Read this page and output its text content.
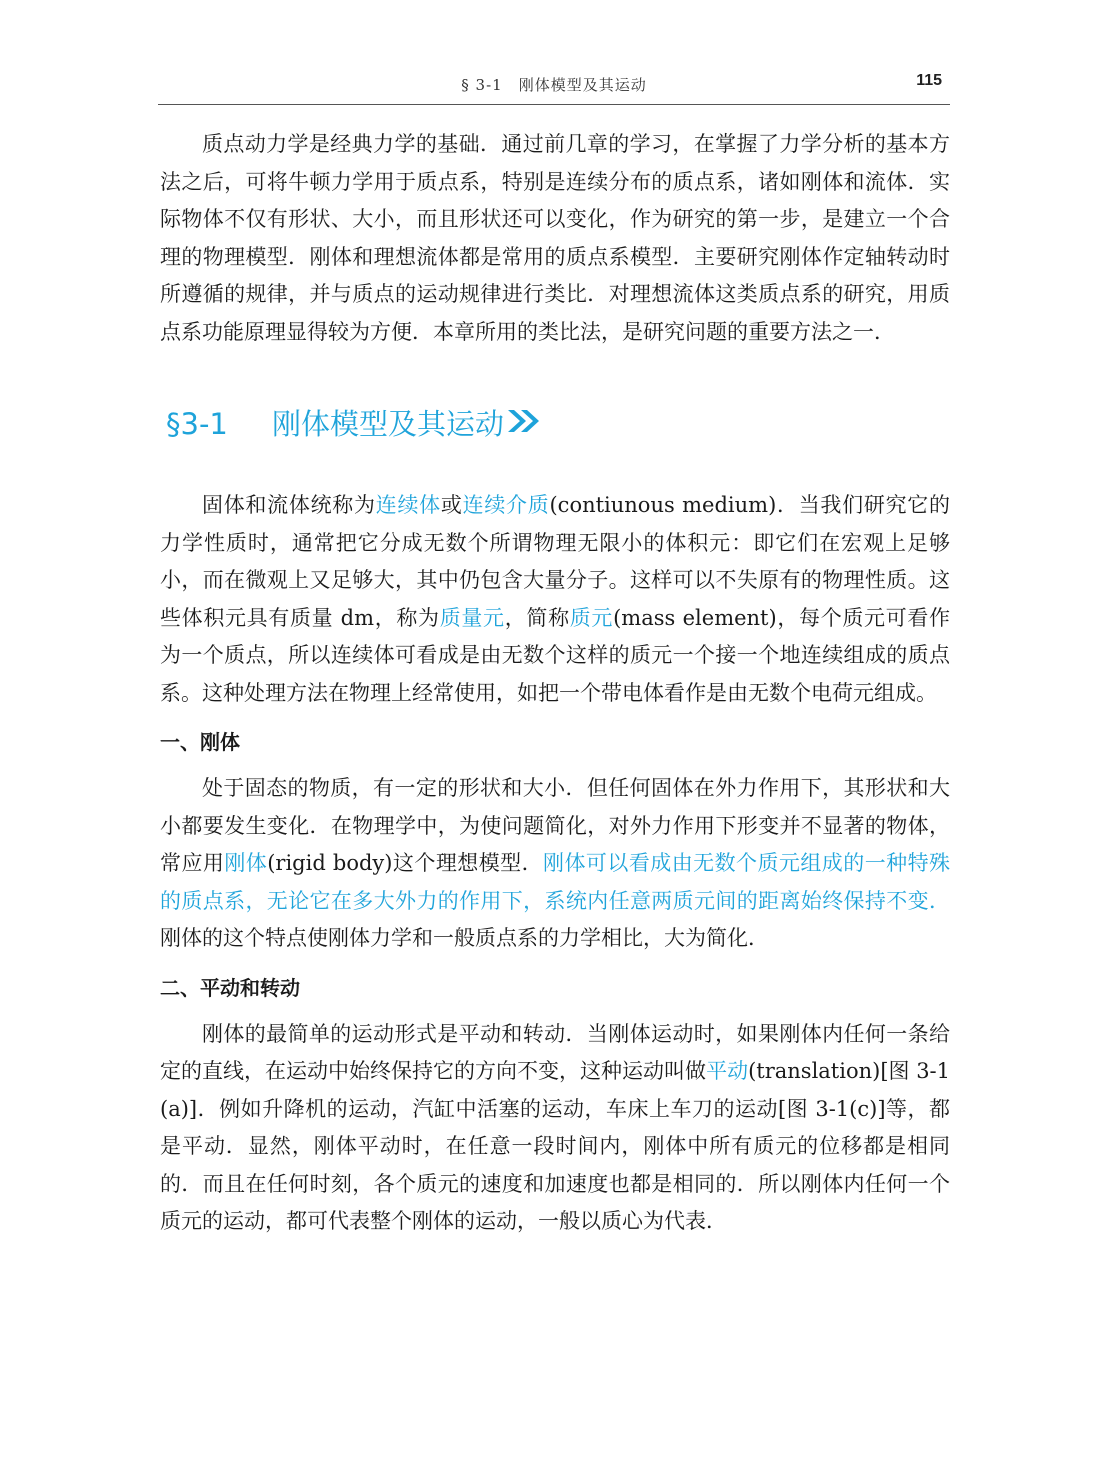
§ 3-1　刚体模型及其运动	115

质点动力学是经典力学的基础．通过前几章的学习，在掌握了力学分析的基本方法之后，可将牛顿力学用于质点系，特别是连续分布的质点系，诸如刚体和流体．实际物体不仅有形状、大小，而且形状还可以变化，作为研究的第一步，是建立一个合理的物理模型．刚体和理想流体都是常用的质点系模型．主要研究刚体作定轴转动时所遵循的规律，并与质点的运动规律进行类比．对理想流体这类质点系的研究，用质点系功能原理显得较为方便．本章所用的类比法，是研究问题的重要方法之一．

§3-1 刚体模型及其运动

固体和流体统称为连续体或连续介质(contiunous medium)．当我们研究它的力学性质时，通常把它分成无数个所谓物理无限小的体积元：即它们在宏观上足够小，而在微观上又足够大，其中仍包含大量分子。这样可以不失原有的物理性质。这些体积元具有质量 dm，称为质量元，简称质元(mass element)，每个质元可看作为一个质点，所以连续体可看成是由无数个这样的质元一个接一个地连续组成的质点系。这种处理方法在物理上经常使用，如把一个带电体看作是由无数个电荷元组成。

一、刚体

处于固态的物质，有一定的形状和大小．但任何固体在外力作用下，其形状和大小都要发生变化．在物理学中，为使问题简化，对外力作用下形变并不显著的物体，常应用刚体(rigid body)这个理想模型．刚体可以看成由无数个质元组成的一种特殊的质点系，无论它在多大外力的作用下，系统内任意两质元间的距离始终保持不变．刚体的这个特点使刚体力学和一般质点系的力学相比，大为简化．

二、平动和转动

刚体的最简单的运动形式是平动和转动．当刚体运动时，如果刚体内任何一条给定的直线，在运动中始终保持它的方向不变，这种运动叫做平动(translation)[图 3-1(a)]．例如升降机的运动，汽缸中活塞的运动，车床上车刀的运动[图 3-1(c)]等，都是平动．显然，刚体平动时，在任意一段时间内，刚体中所有质元的位移都是相同的．而且在任何时刻，各个质元的速度和加速度也都是相同的．所以刚体内任何一个质元的运动，都可代表整个刚体的运动，一般以质心为代表．
